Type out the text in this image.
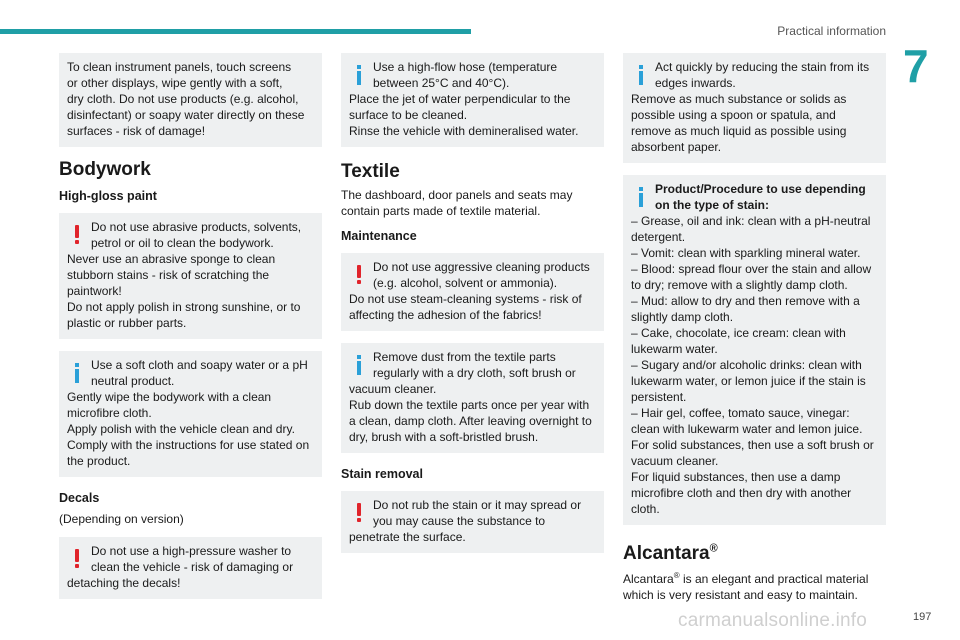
Practical information
7
To clean instrument panels, touch screens
or other displays, wipe gently with a soft,
dry cloth. Do not use products (e.g. alcohol,
disinfectant) or soapy water directly on these
surfaces - risk of damage!
Bodywork
High-gloss paint
Do not use abrasive products, solvents,
petrol or oil to clean the bodywork.
Never use an abrasive sponge to clean
stubborn stains - risk of scratching the
paintwork!
Do not apply polish in strong sunshine, or to
plastic or rubber parts.
Use a soft cloth and soapy water or a pH
neutral product.
Gently wipe the bodywork with a clean
microfibre cloth.
Apply polish with the vehicle clean and dry.
Comply with the instructions for use stated on
the product.
Decals
(Depending on version)
Do not use a high-pressure washer to
clean the vehicle - risk of damaging or
detaching the decals!
Use a high-flow hose (temperature
between 25°C and 40°C).
Place the jet of water perpendicular to the
surface to be cleaned.
Rinse the vehicle with demineralised water.
Textile
The dashboard, door panels and seats may contain parts made of textile material.
Maintenance
Do not use aggressive cleaning products
(e.g. alcohol, solvent or ammonia).
Do not use steam-cleaning systems - risk of
affecting the adhesion of the fabrics!
Remove dust from the textile parts
regularly with a dry cloth, soft brush or
vacuum cleaner.
Rub down the textile parts once per year with
a clean, damp cloth. After leaving overnight to
dry, brush with a soft-bristled brush.
Stain removal
Do not rub the stain or it may spread or
you may cause the substance to
penetrate the surface.
Act quickly by reducing the stain from its
edges inwards.
Remove as much substance or solids as
possible using a spoon or spatula, and
remove as much liquid as possible using
absorbent paper.
Product/Procedure to use depending
on the type of stain:
– Grease, oil and ink: clean with a pH-neutral
detergent.
– Vomit: clean with sparkling mineral water.
– Blood: spread flour over the stain and allow
to dry; remove with a slightly damp cloth.
– Mud: allow to dry and then remove with a
slightly damp cloth.
– Cake, chocolate, ice cream: clean with
lukewarm water.
– Sugary and/or alcoholic drinks: clean with
lukewarm water, or lemon juice if the stain is
persistent.
– Hair gel, coffee, tomato sauce, vinegar:
clean with lukewarm water and lemon juice.
For solid substances, then use a soft brush or
vacuum cleaner.
For liquid substances, then use a damp
microfibre cloth and then dry with another
cloth.
Alcantara®
Alcantara® is an elegant and practical material which is very resistant and easy to maintain.
carmanualsonline.info	197
